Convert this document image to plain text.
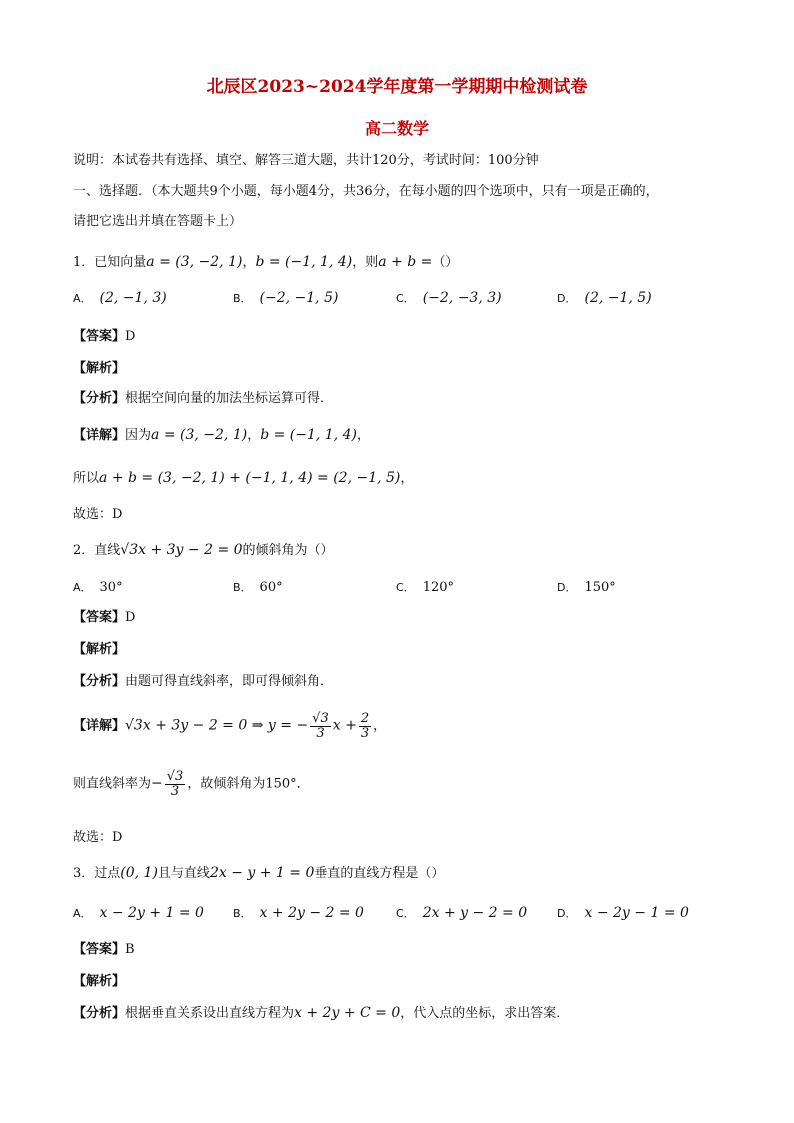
北辰区2023~2024学年度第一学期期中检测试卷
高二数学
说明：本试卷共有选择、填空、解答三道大题，共计120分，考试时间：100分钟
一、选择题．（本大题共9个小题，每小题4分，共36分，在每小题的四个选项中，只有一项是正确的，
请把它选出并填在答题卡上）
1．已知向量a = (3, −2, 1)，b = (−1, 1, 4)，则a + b =（）
A． (2, −1, 3)	B． (−2, −1, 5)	C． (−2, −3, 3)	D． (2, −1, 5)
【答案】D
【解析】
【分析】根据空间向量的加法坐标运算可得．
【详解】因为a = (3, −2, 1)，b = (−1, 1, 4)，
所以a + b = (3, −2, 1) + (−1, 1, 4) = (2, −1, 5)，
故选：D
2．直线√3x + 3y − 2 = 0的倾斜角为（）
A． 30°	B． 60°	C． 120°	D． 150°
【答案】D
【解析】
【分析】由题可得直线斜率，即可得倾斜角．
【详解】√3x + 3y − 2 = 0 ⇒ y = − $\frac{√3}{3}$ $x + \frac{2}{3}$ ，
则直线斜率为− $\frac{√3}{3}$ ，故倾斜角为150°．
故选：D
3．过点(0, 1)且与直线2x − y + 1 = 0垂直的直线方程是（）
A． x − 2y + 1 = 0	B． x + 2y − 2 = 0	C． 2x + y − 2 = 0	D． x − 2y − 1 = 0
【答案】B
【解析】
【分析】根据垂直关系设出直线方程为x + 2y + C = 0，代入点的坐标，求出答案．
